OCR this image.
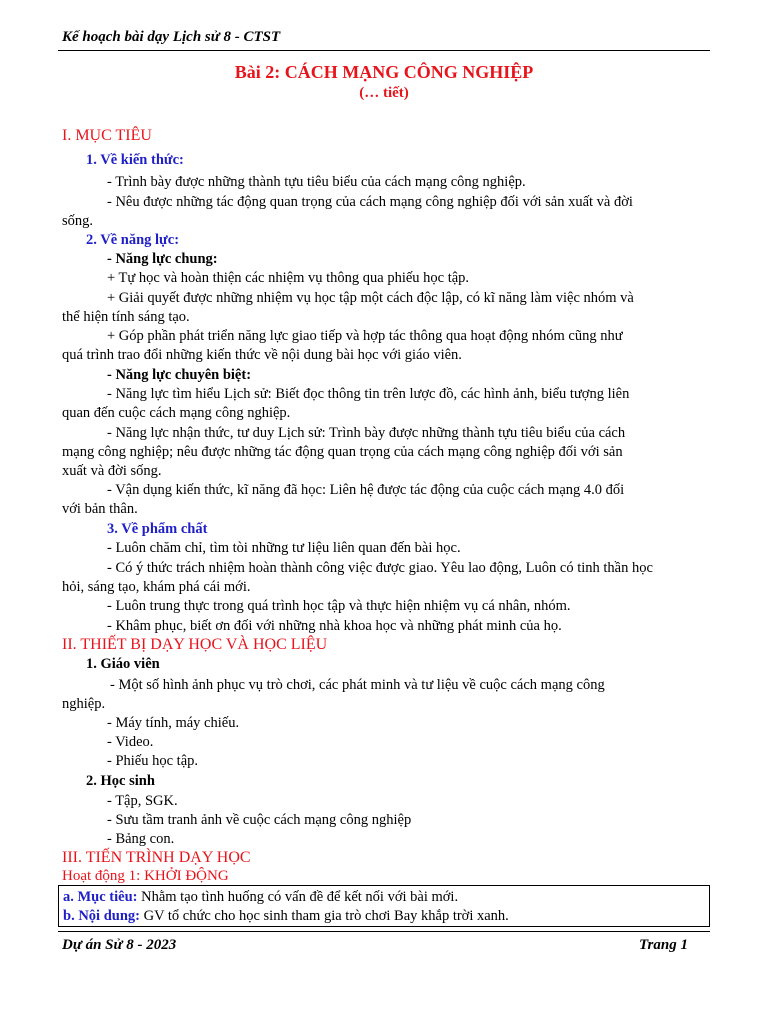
Kế hoạch bài dạy Lịch sử 8 - CTST
Bài 2: CÁCH MẠNG CÔNG NGHIỆP
(… tiết)
I. MỤC TIÊU
1. Về kiến thức:
- Trình bày được những thành tựu tiêu biểu của cách mạng công nghiệp.
- Nêu được những tác động quan trọng của cách mạng công nghiệp đối với sản xuất và đời
sống.
2. Về năng lực:
- Năng lực chung:
+ Tự học và hoàn thiện các nhiệm vụ thông qua phiếu học tập.
+ Giải quyết được những nhiệm vụ học tập một cách độc lập, có kĩ năng làm việc nhóm và
thể hiện tính sáng tạo.
+ Góp phần phát triển năng lực giao tiếp và hợp tác thông qua hoạt động nhóm cũng như
quá trình trao đổi những kiến thức về nội dung bài học với giáo viên.
- Năng lực chuyên biệt:
- Năng lực tìm hiểu Lịch sử: Biết đọc thông tin trên lược đồ, các hình ảnh, biểu tượng liên
quan đến cuộc cách mạng công nghiệp.
- Năng lực nhận thức, tư duy Lịch sử: Trình bày được những thành tựu tiêu biểu của cách
mạng công nghiệp; nêu được những tác động quan trọng của cách mạng công nghiệp đối với sản
xuất và đời sống.
- Vận dụng kiến thức, kĩ năng đã học: Liên hệ được tác động của cuộc cách mạng 4.0 đối
với bản thân.
3. Về phẩm chất
- Luôn chăm chỉ, tìm tòi những tư liệu liên quan đến bài học.
- Có ý thức trách nhiệm hoàn thành công việc được giao. Yêu lao động, Luôn có tinh thần học
hỏi, sáng tạo, khám phá cái mới.
- Luôn trung thực trong quá trình học tập và thực hiện nhiệm vụ cá nhân, nhóm.
- Khâm phục, biết ơn đối với những nhà khoa học và những phát minh của họ.
II. THIẾT BỊ DẠY HỌC VÀ HỌC LIỆU
1. Giáo viên
- Một số hình ảnh phục vụ trò chơi, các phát minh và tư liệu về cuộc cách mạng công
nghiệp.
- Máy tính, máy chiếu.
- Video.
- Phiếu học tập.
2. Học sinh
- Tập, SGK.
- Sưu tầm tranh ảnh về cuộc cách mạng công nghiệp
- Bảng con.
III. TIẾN TRÌNH DẠY HỌC
Hoạt động 1: KHỞI ĐỘNG
a. Mục tiêu: Nhằm tạo tình huống có vấn đề để kết nối với bài mới.
b. Nội dung: GV tổ chức cho học sinh tham gia trò chơi Bay khắp trời xanh.
Dự án Sử 8 - 2023	Trang 1
